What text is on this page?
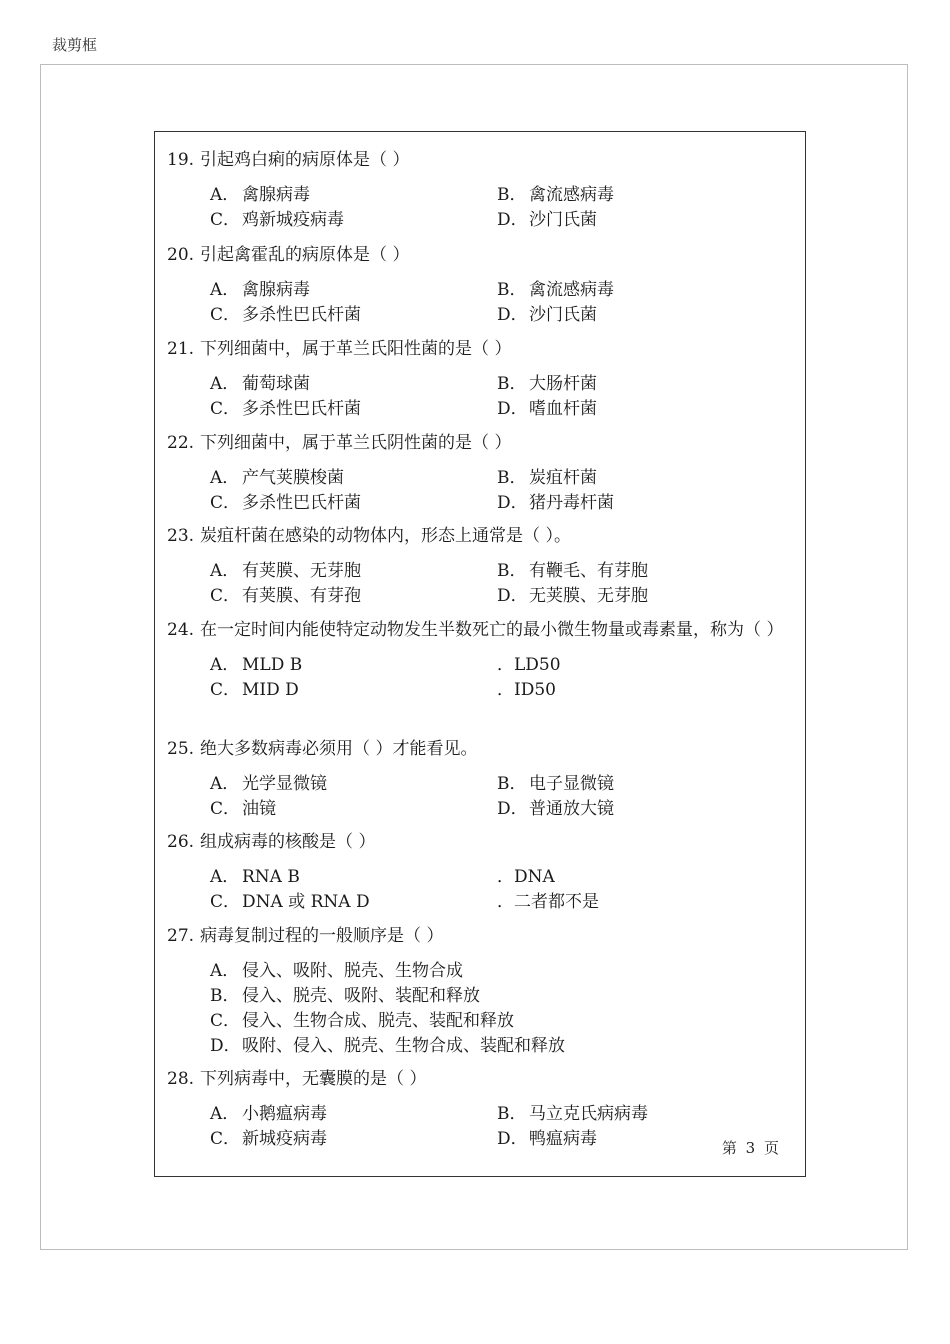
裁剪框
19. 引起鸡白痢的病原体是（ ）
A． 禽腺病毒	B． 禽流感病毒
C． 鸡新城疫病毒	D． 沙门氏菌
20. 引起禽霍乱的病原体是（ ）
A． 禽腺病毒	B． 禽流感病毒
C． 多杀性巴氏杆菌	D． 沙门氏菌
21. 下列细菌中，属于革兰氏阳性菌的是（ ）
A． 葡萄球菌	B． 大肠杆菌
C． 多杀性巴氏杆菌	D． 嗜血杆菌
22. 下列细菌中，属于革兰氏阴性菌的是（ ）
A． 产气荚膜梭菌	B． 炭疽杆菌
C． 多杀性巴氏杆菌	D． 猪丹毒杆菌
23. 炭疽杆菌在感染的动物体内，形态上通常是（ ）。
A． 有荚膜、无芽胞	B． 有鞭毛、有芽胞
C． 有荚膜、有芽孢	D． 无荚膜、无芽胞
24. 在一定时间内能使特定动物发生半数死亡的最小微生物量或毒素量，称为（ ）
A． MLD B	． LD50
C． MID D	． ID50
25. 绝大多数病毒必须用（ ）才能看见。
A． 光学显微镜	B． 电子显微镜
C． 油镜	D． 普通放大镜
26. 组成病毒的核酸是（ ）
A． RNA B	． DNA
C． DNA 或 RNA D	． 二者都不是
27. 病毒复制过程的一般顺序是（ ）
A． 侵入、吸附、脱壳、生物合成
B． 侵入、脱壳、吸附、装配和释放
C． 侵入、生物合成、脱壳、装配和释放
D． 吸附、侵入、脱壳、生物合成、装配和释放
28. 下列病毒中，无囊膜的是（ ）
A． 小鹅瘟病毒	B． 马立克氏病病毒
C． 新城疫病毒	D． 鸭瘟病毒	第 3 页
